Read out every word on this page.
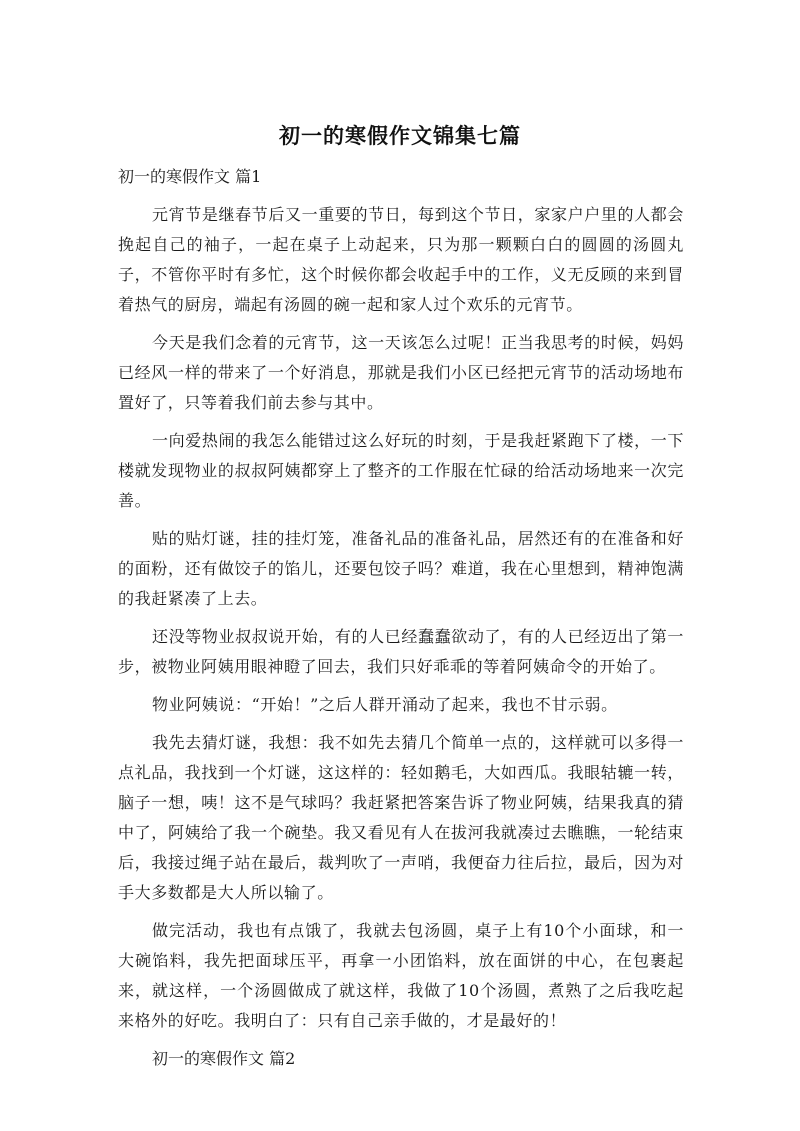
初一的寒假作文锦集七篇
初一的寒假作文 篇1

元宵节是继春节后又一重要的节日，每到这个节日，家家户户里的人都会挽起自己的袖子，一起在桌子上动起来，只为那一颗颗白白的圆圆的汤圆丸子，不管你平时有多忙，这个时候你都会收起手中的工作，义无反顾的来到冒着热气的厨房，端起有汤圆的碗一起和家人过个欢乐的元宵节。

今天是我们念着的元宵节，这一天该怎么过呢！正当我思考的时候，妈妈已经风一样的带来了一个好消息，那就是我们小区已经把元宵节的活动场地布置好了，只等着我们前去参与其中。

一向爱热闹的我怎么能错过这么好玩的时刻，于是我赶紧跑下了楼，一下楼就发现物业的叔叔阿姨都穿上了整齐的工作服在忙碌的给活动场地来一次完善。

贴的贴灯谜，挂的挂灯笼，准备礼品的准备礼品，居然还有的在准备和好的面粉，还有做饺子的馅儿，还要包饺子吗？难道，我在心里想到，精神饱满的我赶紧凑了上去。

还没等物业叔叔说开始，有的人已经蠢蠢欲动了，有的人已经迈出了第一步，被物业阿姨用眼神瞪了回去，我们只好乖乖的等着阿姨命令的开始了。

物业阿姨说：“开始！”之后人群开涌动了起来，我也不甘示弱。

我先去猜灯谜，我想：我不如先去猜几个简单一点的，这样就可以多得一点礼品，我找到一个灯谜，这这样的：轻如鹅毛，大如西瓜。我眼轱辘一转，脑子一想，咦！这不是气球吗？我赶紧把答案告诉了物业阿姨，结果我真的猜中了，阿姨给了我一个碗垫。我又看见有人在拔河我就凑过去瞧瞧，一轮结束后，我接过绳子站在最后，裁判吹了一声哨，我便奋力往后拉，最后，因为对手大多数都是大人所以输了。

做完活动，我也有点饿了，我就去包汤圆，桌子上有10个小面球，和一大碗馅料，我先把面球压平，再拿一小团馅料，放在面饼的中心，在包裹起来，就这样，一个汤圆做成了就这样，我做了10个汤圆，煮熟了之后我吃起来格外的好吃。我明白了：只有自己亲手做的，才是最好的！

初一的寒假作文 篇2
